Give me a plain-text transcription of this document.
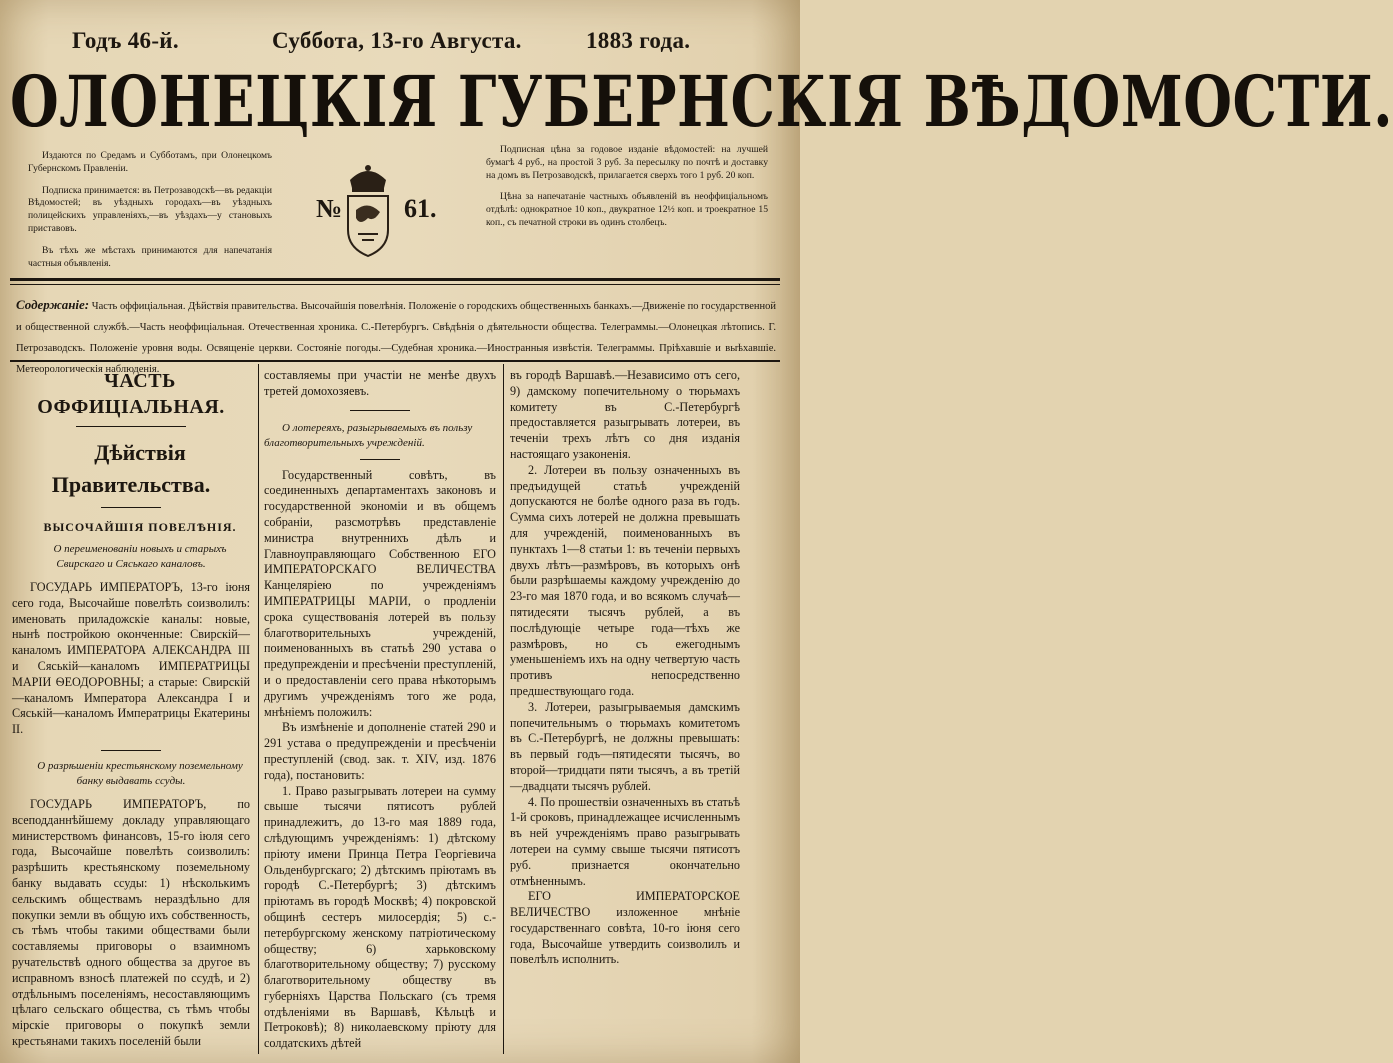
Годъ 46-й.	Суббота, 13-го Августа.	1883 года.
ОЛОНЕЦКІЯ ГУБЕРНСКІЯ ВѢДОМОСТИ.

Издаются по Средамъ и Субботамъ, при Олонецкомъ Губернскомъ Правленіи.

Подписка принимается: въ Петрозаводскѣ—въ редакціи Вѣдомостей; въ уѣздныхъ городахъ—въ уѣздныхъ полицейскихъ управленіяхъ,—въ уѣздахъ—у становыхъ приставовъ.

Въ тѣхъ же мѣстахъ принимаются для напечатанія частныя объявленія.

№ 61.

Подписная цѣна за годовое изданіе вѣдомостей: на лучшей бумагѣ 4 руб., на простой 3 руб. За пересылку по почтѣ и доставку на домъ въ Петрозаводскѣ, прилагается сверхъ того 1 руб. 20 коп.

Цѣна за напечатаніе частныхъ объявленій въ неоффиціальномъ отдѣлѣ: однократное 10 коп., двукратное 12½ коп. и троекратное 15 коп., съ печатной строки въ одинъ столбецъ.

Содержаніе: Часть оффиціальная. Дѣйствія правительства. Высочайшія повелѣнія. Положеніе о городскихъ общественныхъ банкахъ.—Движеніе по государственной и общественной службѣ.—Часть неоффиціальная. Отечественная хроника. С.-Петербургъ. Свѣдѣнія о дѣятельности общества. Телеграммы.—Олонецкая лѣтопись. Г. Петрозаводскъ. Положеніе уровня воды. Освященіе церкви. Состояніе погоды.—Судебная хроника.—Иностранныя извѣстія. Телеграммы. Пріѣхавшіе и выѣхавшіе. Метеорологическія наблюденія.

ЧАСТЬ ОФФИЦІАЛЬНАЯ.

Дѣйствія Правительства.

ВЫСОЧАЙШІЯ ПОВЕЛѢНІЯ.

О переименованіи новыхъ и старыхъ Свирскаго и Сяськаго каналовъ.

ГОСУДАРЬ ИМПЕРАТОРЪ, 13-го іюня сего года, Высочайше повелѣть соизволилъ: именовать приладожскіе каналы: новые, нынѣ постройкою оконченные: Свирскій—каналомъ ИМПЕРАТОРА АЛЕКСАНДРА III и Сяській—каналомъ ИМПЕРАТРИЦЫ МАРІИ ѲЕОДОРОВНЫ; а старые: Свирскій—каналомъ Императора Александра I и Сяській—каналомъ Императрицы Екатерины II.

О разрѣшеніи крестьянскому поземельному банку выдавать ссуды.

ГОСУДАРЬ ИМПЕРАТОРЪ, по всеподданнѣйшему докладу управляющаго министерствомъ финансовъ, 15-го іюля сего года, Высочайше повелѣть соизволилъ: разрѣшить крестьянскому поземельному банку выдавать ссуды: 1) нѣсколькимъ сельскимъ обществамъ нераздѣльно для покупки земли въ общую ихъ собственность, съ тѣмъ чтобы такими обществами были составляемы приговоры о взаимномъ ручательствѣ одного общества за другое въ исправномъ взносѣ платежей по ссудѣ, и 2) отдѣльнымъ поселеніямъ, несоставляющимъ цѣлаго сельскаго общества, съ тѣмъ чтобы мірскіе приговоры о покупкѣ земли крестьянами такихъ поселеній были

составляемы при участіи не менѣе двухъ третей домохозяевъ.

О лотереяхъ, разыгрываемыхъ въ пользу благотворительныхъ учрежденій.

Государственный совѣтъ, въ соединенныхъ департаментахъ законовъ и государственной экономіи и въ общемъ собраніи, разсмотрѣвъ представленіе министра внутреннихъ дѣлъ и Главноуправляющаго Собственною ЕГО ИМПЕРАТОРСКАГО ВЕЛИЧЕСТВА Канцеляріею по учрежденіямъ ИМПЕРАТРИЦЫ МАРІИ, о продленіи срока существованія лотерей въ пользу благотворительныхъ учрежденій, поименованныхъ въ статьѣ 290 устава о предупрежденіи и пресѣченіи преступленій, и о предоставленіи сего права нѣкоторымъ другимъ учрежденіямъ того же рода, мнѣніемъ положилъ:

Въ измѣненіе и дополненіе статей 290 и 291 устава о предупрежденіи и пресѣченіи преступленій (свод. зак. т. XIV, изд. 1876 года), постановить:

1. Право разыгрывать лотереи на сумму свыше тысячи пятисотъ рублей принадлежитъ, до 13-го мая 1889 года, слѣдующимъ учрежденіямъ: 1) дѣтскому пріюту имени Принца Петра Георгіевича Ольденбургскаго; 2) дѣтскимъ пріютамъ въ городѣ С.-Петербургѣ; 3) дѣтскимъ пріютамъ въ городѣ Москвѣ; 4) покровской общинѣ сестеръ милосердія; 5) с.-петербургскому женскому патріотическому обществу; 6) харьковскому благотворительному обществу; 7) русскому благотворительному обществу въ губерніяхъ Царства Польскаго (съ тремя отдѣленіями въ Варшавѣ, Кѣльцѣ и Петроковѣ); 8) николаевскому пріюту для солдатскихъ дѣтей

въ городѣ Варшавѣ.—Независимо отъ сего, 9) дамскому попечительному о тюрьмахъ комитету въ С.-Петербургѣ предоставляется разыгрывать лотереи, въ теченіи трехъ лѣтъ со дня изданія настоящаго узаконенія.

2. Лотереи въ пользу означенныхъ въ предъидущей статьѣ учрежденій допускаются не болѣе одного раза въ годъ. Сумма сихъ лотерей не должна превышать для учрежденій, поименованныхъ въ пунктахъ 1—8 статьи 1: въ теченіи первыхъ двухъ лѣтъ—размѣровъ, въ которыхъ онѣ были разрѣшаемы каждому учрежденію до 23-го мая 1870 года, и во всякомъ случаѣ—пятидесяти тысячъ рублей, а въ послѣдующіе четыре года—тѣхъ же размѣровъ, но съ ежегоднымъ уменьшеніемъ ихъ на одну четвертую часть противъ непосредственно предшествующаго года.

3. Лотереи, разыгрываемыя дамскимъ попечительнымъ о тюрьмахъ комитетомъ въ С.-Петербургѣ, не должны превышать: въ первый годъ—пятидесяти тысячъ, во второй—тридцати пяти тысячъ, а въ третій—двадцати тысячъ рублей.

4. По прошествіи означенныхъ въ статьѣ 1-й сроковъ, принадлежащее исчисленнымъ въ ней учрежденіямъ право разыгрывать лотереи на сумму свыше тысячи пятисотъ руб. признается окончательно отмѣненнымъ.

ЕГО ИМПЕРАТОРСКОЕ ВЕЛИЧЕСТВО изложенное мнѣніе государственнаго совѣта, 10-го іюня сего года, Высочайше утвердить соизволилъ и повелѣлъ исполнить.
